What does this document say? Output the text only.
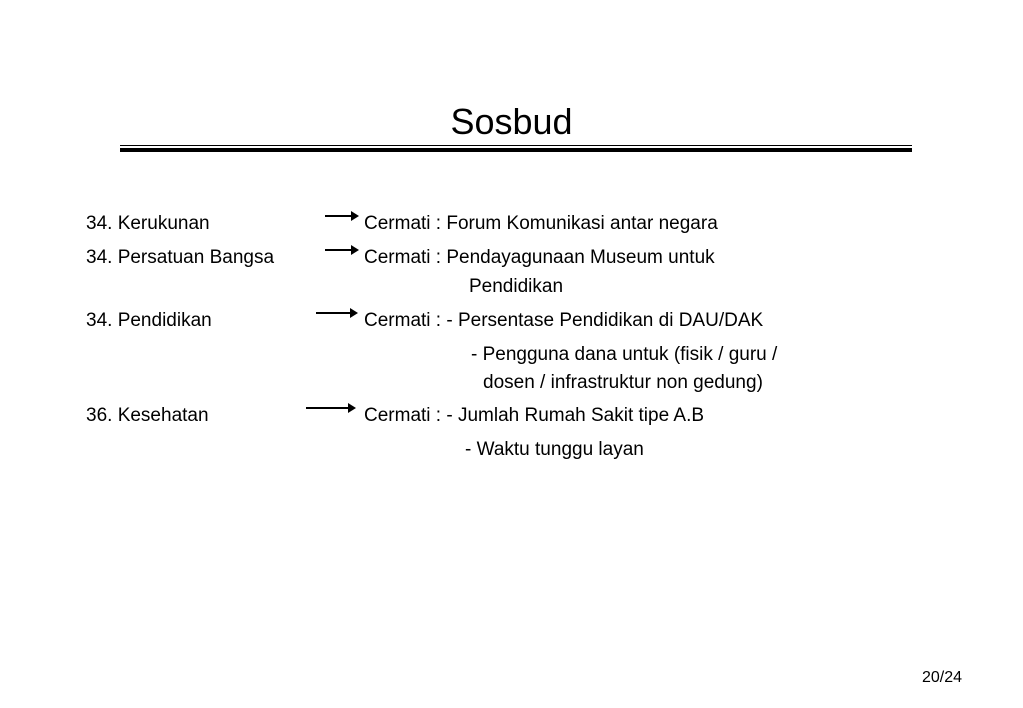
Sosbud
34. Kerukunan	Cermati : Forum Komunikasi antar negara
34. Persatuan Bangsa	Cermati : Pendayagunaan Museum untuk
Pendidikan
34. Pendidikan	Cermati : - Persentase Pendidikan di DAU/DAK
- Pengguna dana untuk (fisik / guru /
dosen / infrastruktur non gedung)
36. Kesehatan	Cermati : - Jumlah Rumah Sakit tipe A.B
- Waktu tunggu layan
20/24
